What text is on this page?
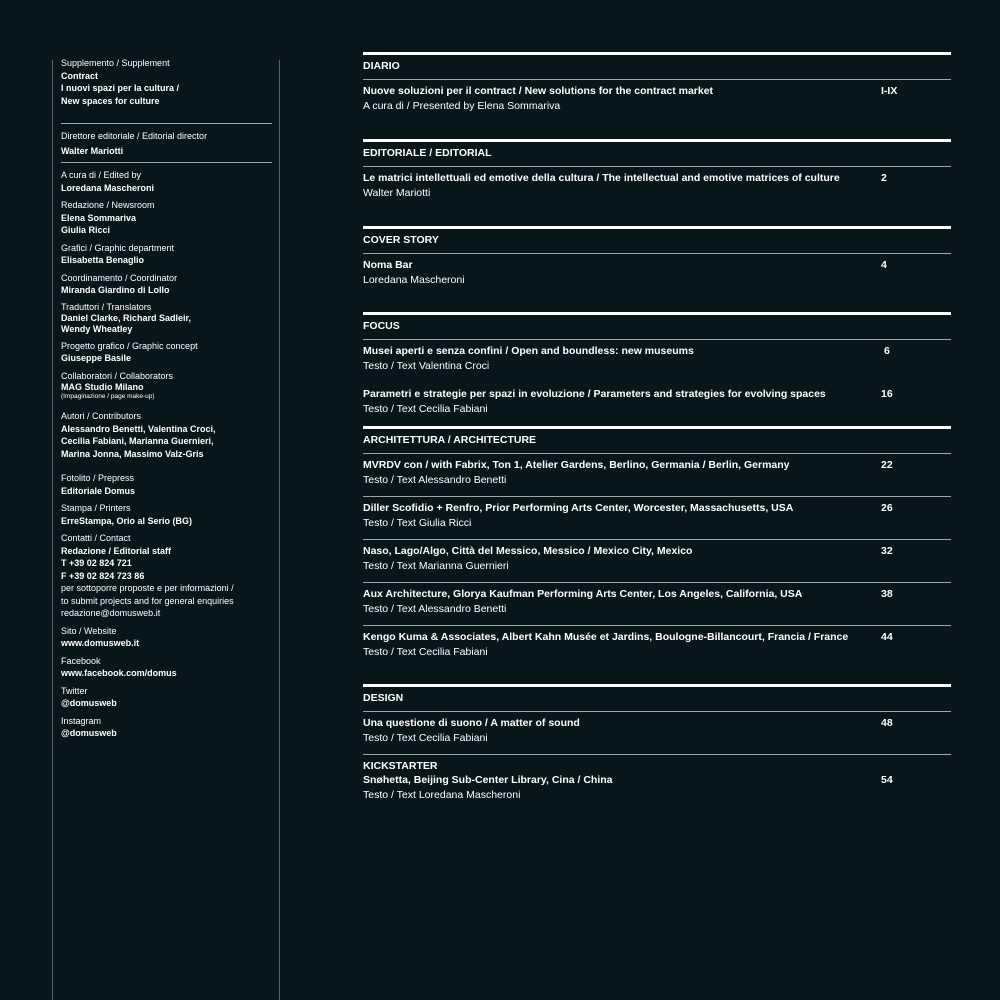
Supplemento / Supplement
Contract
I nuovi spazi per la cultura /
New spaces for culture
Direttore editoriale / Editorial director
Walter Mariotti
A cura di / Edited by
Loredana Mascheroni
Redazione / Newsroom
Elena Sommariva
Giulia Ricci
Grafici / Graphic department
Elisabetta Benaglio
Coordinamento / Coordinator
Miranda Giardino di Lollo
Traduttori / Translators
Daniel Clarke, Richard Sadleir,
Wendy Wheatley
Progetto grafico / Graphic concept
Giuseppe Basile
Collaboratori / Collaborators
MAG Studio Milano
(Impaginazione / page make-up)
Autori / Contributors
Alessandro Benetti, Valentina Croci,
Cecilia Fabiani, Marianna Guernieri,
Marina Jonna, Massimo Valz-Gris
Fotolito / Prepress
Editoriale Domus
Stampa / Printers
ErreStampa, Orio al Serio (BG)
Contatti / Contact
Redazione / Editorial staff
T +39 02 824 721
F +39 02 824 723 86
per sottoporre proposte e per informazioni /
to submit projects and for general enquiries
redazione@domusweb.it
Sito / Website
www.domusweb.it
Facebook
www.facebook.com/domus
Twitter
@domusweb
Instagram
@domusweb
DIARIO
Nuove soluzioni per il contract / New solutions for the contract market
A cura di / Presented by Elena Sommariva
I-IX
EDITORIALE / EDITORIAL
Le matrici intellettuali ed emotive della cultura / The intellectual and emotive matrices of culture
Walter Mariotti
2
COVER STORY
Noma Bar
Loredana Mascheroni
4
FOCUS
Musei aperti e senza confini / Open and boundless: new museums
Testo / Text Valentina Croci
6
Parametri e strategie per spazi in evoluzione / Parameters and strategies for evolving spaces
Testo / Text Cecilia Fabiani
16
ARCHITETTURA / ARCHITECTURE
MVRDV con / with Fabrix, Ton 1, Atelier Gardens, Berlino, Germania / Berlin, Germany
Testo / Text Alessandro Benetti
22
Diller Scofidio + Renfro, Prior Performing Arts Center, Worcester, Massachusetts, USA
Testo / Text Giulia Ricci
26
Naso, Lago/Algo, Città del Messico, Messico / Mexico City, Mexico
Testo / Text Marianna Guernieri
32
Aux Architecture, Glorya Kaufman Performing Arts Center, Los Angeles, California, USA
Testo / Text Alessandro Benetti
38
Kengo Kuma & Associates, Albert Kahn Musée et Jardins, Boulogne-Billancourt, Francia / France
Testo / Text Cecilia Fabiani
44
DESIGN
Una questione di suono / A matter of sound
Testo / Text Cecilia Fabiani
48
KICKSTARTER
Snøhetta, Beijing Sub-Center Library, Cina / China
Testo / Text Loredana Mascheroni
54
